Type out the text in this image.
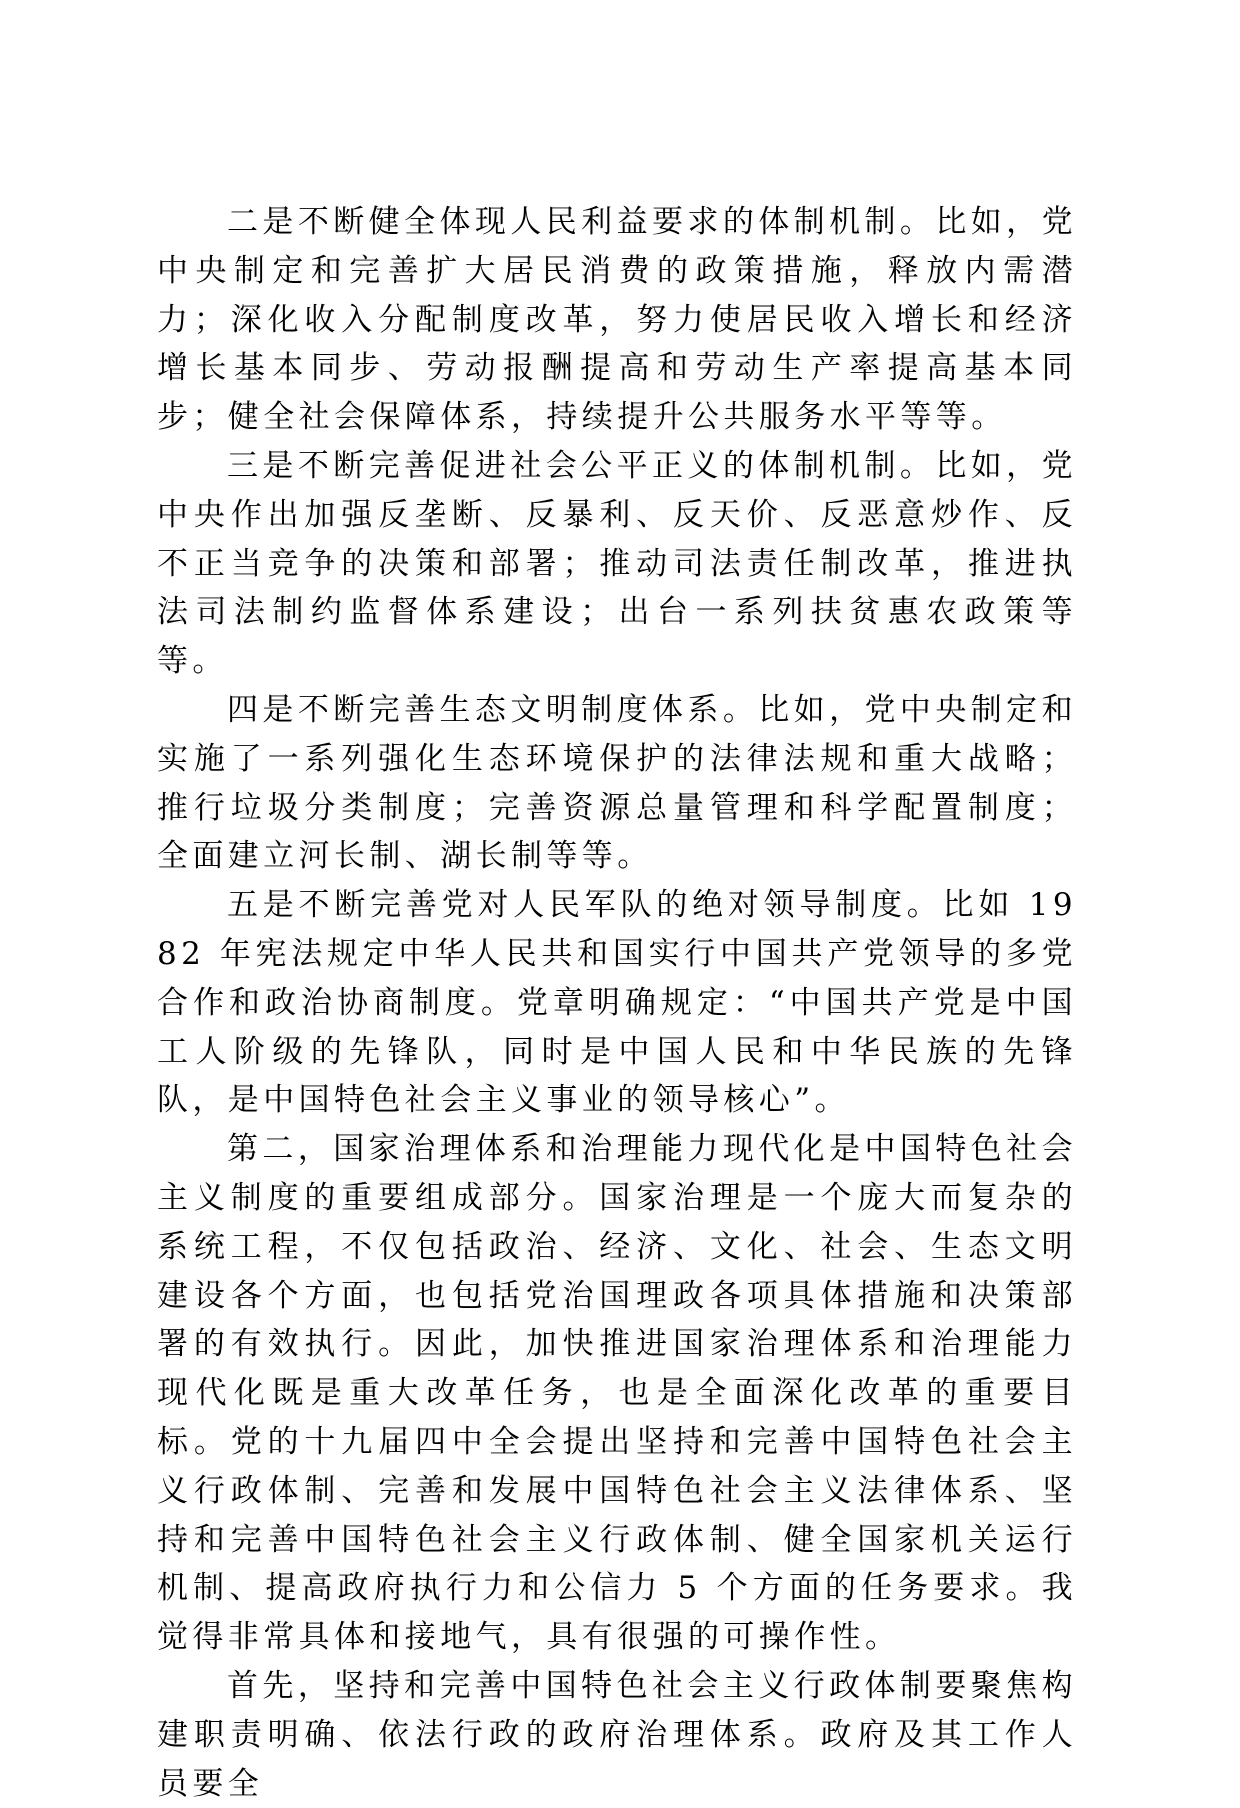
二是不断健全体现人民利益要求的体制机制。比如，党中央制定和完善扩大居民消费的政策措施，释放内需潜力；深化收入分配制度改革，努力使居民收入增长和经济增长基本同步、劳动报酬提高和劳动生产率提高基本同步；健全社会保障体系，持续提升公共服务水平等等。

三是不断完善促进社会公平正义的体制机制。比如，党中央作出加强反垄断、反暴利、反天价、反恶意炒作、反不正当竞争的决策和部署；推动司法责任制改革，推进执法司法制约监督体系建设；出台一系列扶贫惠农政策等等。

四是不断完善生态文明制度体系。比如，党中央制定和实施了一系列强化生态环境保护的法律法规和重大战略；推行垃圾分类制度；完善资源总量管理和科学配置制度；全面建立河长制、湖长制等等。

五是不断完善党对人民军队的绝对领导制度。比如 1982 年宪法规定中华人民共和国实行中国共产党领导的多党合作和政治协商制度。党章明确规定：“中国共产党是中国工人阶级的先锋队，同时是中国人民和中华民族的先锋队，是中国特色社会主义事业的领导核心”。

第二，国家治理体系和治理能力现代化是中国特色社会主义制度的重要组成部分。国家治理是一个庞大而复杂的系统工程，不仅包括政治、经济、文化、社会、生态文明建设各个方面，也包括党治国理政各项具体措施和决策部署的有效执行。因此，加快推进国家治理体系和治理能力现代化既是重大改革任务，也是全面深化改革的重要目标。党的十九届四中全会提出坚持和完善中国特色社会主义行政体制、完善和发展中国特色社会主义法律体系、坚持和完善中国特色社会主义行政体制、健全国家机关运行机制、提高政府执行力和公信力 5 个方面的任务要求。我觉得非常具体和接地气，具有很强的可操作性。

首先，坚持和完善中国特色社会主义行政体制要聚焦构建职责明确、依法行政的政府治理体系。政府及其工作人员要全
